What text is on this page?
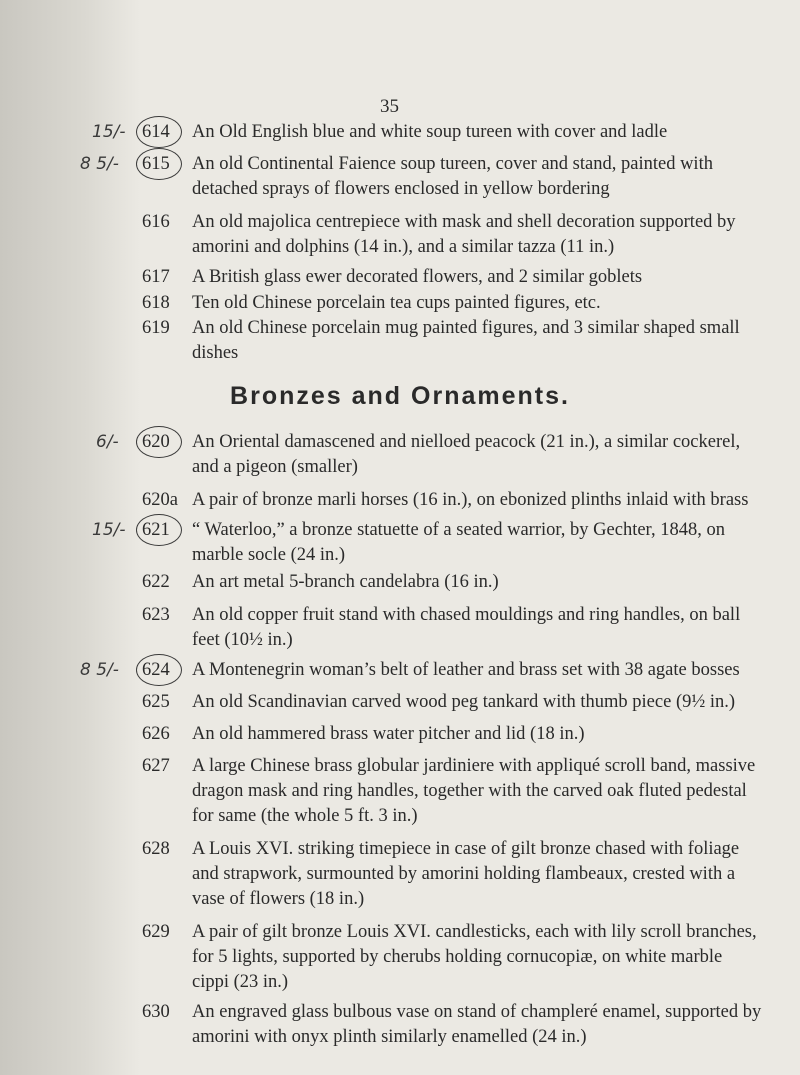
35
614 An Old English blue and white soup tureen with cover and ladle
615 An old Continental Faience soup tureen, cover and stand, painted with detached sprays of flowers enclosed in yellow bordering
616 An old majolica centrepiece with mask and shell decoration supported by amorini and dolphins (14 in.), and a similar tazza (11 in.)
617 A British glass ewer decorated flowers, and 2 similar goblets
618 Ten old Chinese porcelain tea cups painted figures, etc.
619 An old Chinese porcelain mug painted figures, and 3 similar shaped small dishes
Bronzes and Ornaments.
620 An Oriental damascened and nielloed peacock (21 in.), a similar cockerel, and a pigeon (smaller)
620a A pair of bronze marli horses (16 in.), on ebonized plinths inlaid with brass
621 “ Waterloo,” a bronze statuette of a seated warrior, by Gechter, 1848, on marble socle (24 in.)
622 An art metal 5-branch candelabra (16 in.)
623 An old copper fruit stand with chased mouldings and ring handles, on ball feet (10½ in.)
624 A Montenegrin woman’s belt of leather and brass set with 38 agate bosses
625 An old Scandinavian carved wood peg tankard with thumb piece (9½ in.)
626 An old hammered brass water pitcher and lid (18 in.)
627 A large Chinese brass globular jardiniere with appliqué scroll band, massive dragon mask and ring handles, together with the carved oak fluted pedestal for same (the whole 5 ft. 3 in.)
628 A Louis XVI. striking timepiece in case of gilt bronze chased with foliage and strapwork, surmounted by amorini holding flambeaux, crested with a vase of flowers (18 in.)
629 A pair of gilt bronze Louis XVI. candlesticks, each with lily scroll branches, for 5 lights, supported by cherubs holding cornucopiæ, on white marble cippi (23 in.)
630 An engraved glass bulbous vase on stand of champleré enamel, supported by amorini with onyx plinth similarly enamelled (24 in.)
15/-
8 5/-
6/-
15/-
8 5/-
